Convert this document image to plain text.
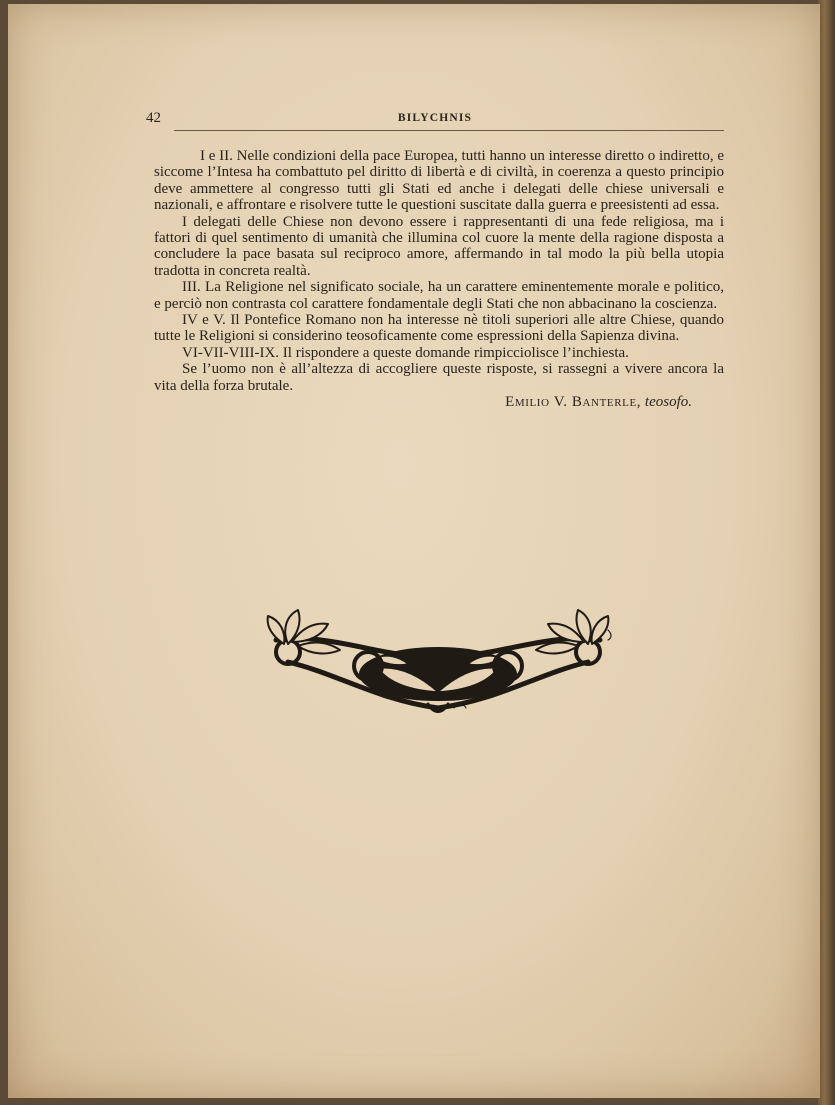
42	BILYCHNIS

I e II. Nelle condizioni della pace Europea, tutti hanno un interesse diretto o indiretto, e siccome l’Intesa ha combattuto pel diritto di libertà e di civiltà, in coerenza a questo principio deve ammettere al congresso tutti gli Stati ed anche i delegati delle chiese universali e nazionali, e affrontare e risolvere tutte le questioni suscitate dalla guerra e preesistenti ad essa.

I delegati delle Chiese non devono essere i rappresentanti di una fede religiosa, ma i fattori di quel sentimento di umanità che illumina col cuore la mente della ragione disposta a concludere la pace basata sul reciproco amore, affermando in tal modo la più bella utopia tradotta in concreta realtà.

III. La Religione nel significato sociale, ha un carattere eminentemente morale e politico, e perciò non contrasta col carattere fondamentale degli Stati che non abbacinano la coscienza.

IV e V. Il Pontefice Romano non ha interesse nè titoli superiori alle altre Chiese, quando tutte le Religioni si considerino teosoficamente come espressioni della Sapienza divina.

VI-VII-VIII-IX. Il rispondere a queste domande rimpicciolisce l’inchiesta.

Se l’uomo non è all’altezza di accogliere queste risposte, si rassegni a vivere ancora la vita della forza brutale.

Emilio V. Banterle, teosofo.
